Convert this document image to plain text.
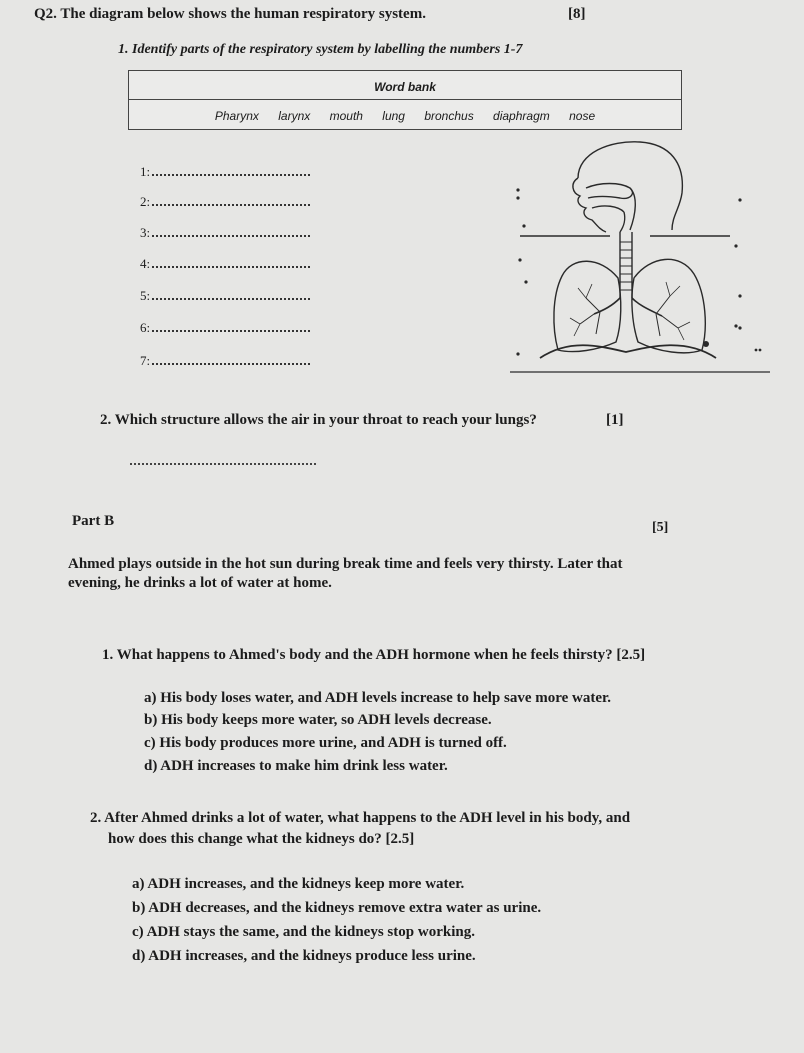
Q2. The diagram below shows the human respiratory system.	[8]
1. Identify parts of the respiratory system by labelling the numbers 1-7
Word bank
Pharynx larynx mouth lung bronchus diaphragm nose
1:
2:
3:
4:
5:
6:
7:
2. Which structure allows the air in your throat to reach your lungs?	[1]
Part B	[5]
Ahmed plays outside in the hot sun during break time and feels very thirsty. Later that
evening, he drinks a lot of water at home.
1. What happens to Ahmed's body and the ADH hormone when he feels thirsty? [2.5]
a) His body loses water, and ADH levels increase to help save more water.
b) His body keeps more water, so ADH levels decrease.
c) His body produces more urine, and ADH is turned off.
d) ADH increases to make him drink less water.
2. After Ahmed drinks a lot of water, what happens to the ADH level in his body, and
how does this change what the kidneys do? [2.5]
a) ADH increases, and the kidneys keep more water.
b) ADH decreases, and the kidneys remove extra water as urine.
c) ADH stays the same, and the kidneys stop working.
d) ADH increases, and the kidneys produce less urine.
